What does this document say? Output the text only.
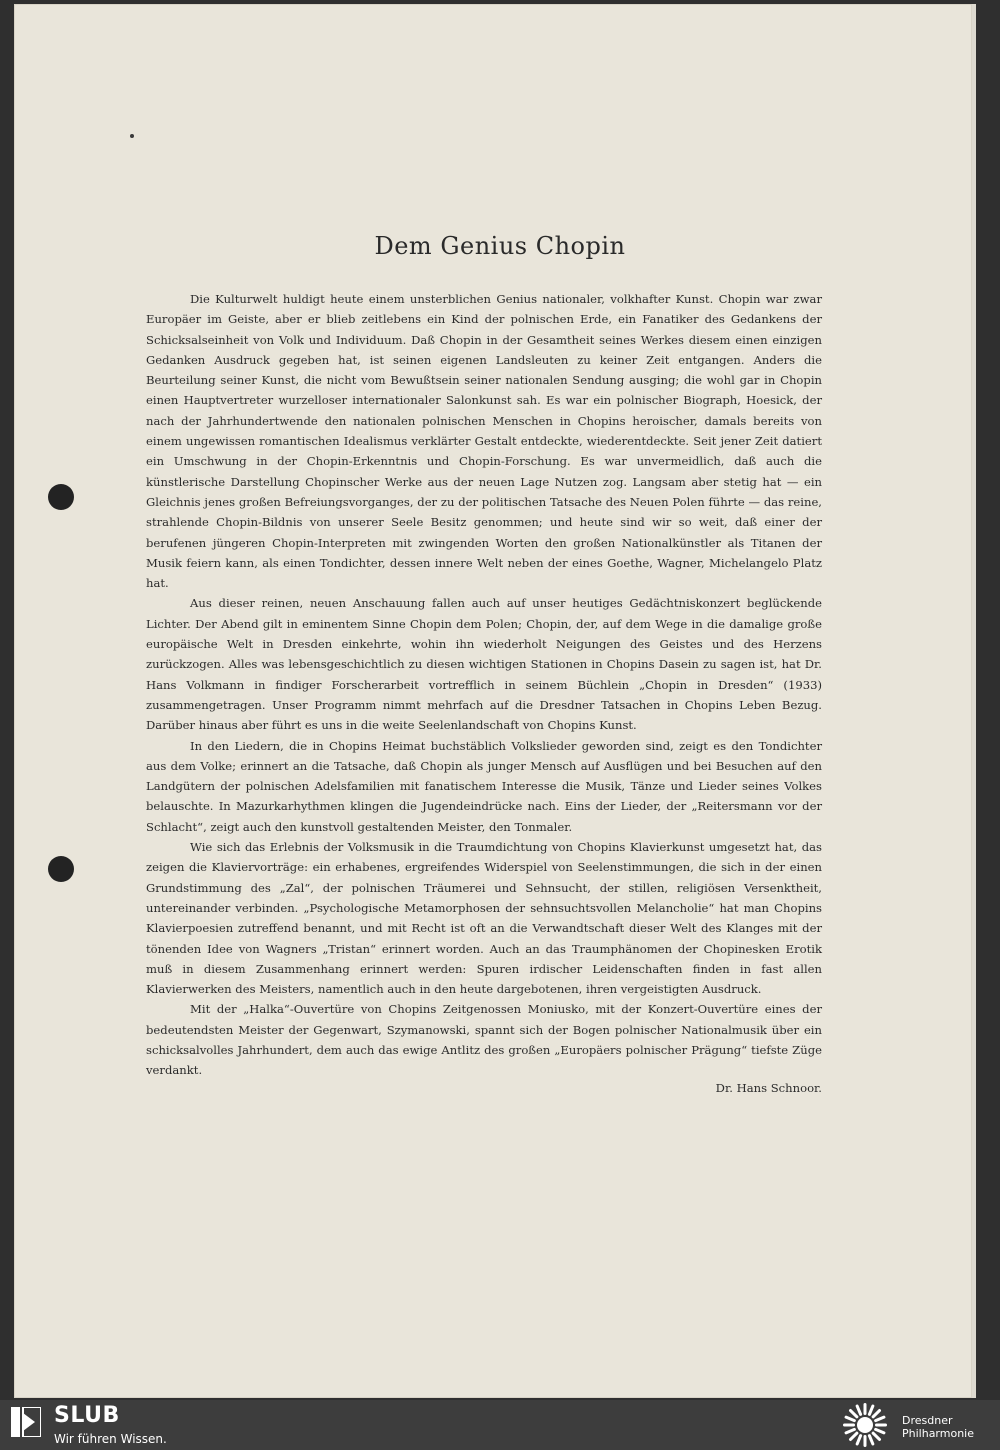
Dem Genius Chopin

Die Kulturwelt huldigt heute einem unsterblichen Genius nationaler, volkhafter Kunst. Chopin war zwar Europäer im Geiste, aber er blieb zeitlebens ein Kind der polnischen Erde, ein Fanatiker des Gedankens der Schicksalseinheit von Volk und Individuum. Daß Chopin in der Gesamtheit seines Werkes diesem einen einzigen Gedanken Ausdruck gegeben hat, ist seinen eigenen Landsleuten zu keiner Zeit entgangen. Anders die Beurteilung seiner Kunst, die nicht vom Bewußtsein seiner nationalen Sendung ausging; die wohl gar in Chopin einen Hauptvertreter wurzelloser internationaler Salonkunst sah. Es war ein polnischer Biograph, Hoesick, der nach der Jahrhundertwende den nationalen polnischen Menschen in Chopins heroischer, damals bereits von einem ungewissen romantischen Idealismus verklärter Gestalt entdeckte, wiederentdeckte. Seit jener Zeit datiert ein Umschwung in der Chopin-Erkenntnis und Chopin-Forschung. Es war unvermeidlich, daß auch die künstlerische Darstellung Chopinscher Werke aus der neuen Lage Nutzen zog. Langsam aber stetig hat — ein Gleichnis jenes großen Befreiungsvorganges, der zu der politischen Tatsache des Neuen Polen führte — das reine, strahlende Chopin-Bildnis von unserer Seele Besitz genommen; und heute sind wir so weit, daß einer der berufenen jüngeren Chopin-Interpreten mit zwingenden Worten den großen Nationalkünstler als Titanen der Musik feiern kann, als einen Tondichter, dessen innere Welt neben der eines Goethe, Wagner, Michelangelo Platz hat.

Aus dieser reinen, neuen Anschauung fallen auch auf unser heutiges Gedächtniskonzert beglückende Lichter. Der Abend gilt in eminentem Sinne Chopin dem Polen; Chopin, der, auf dem Wege in die damalige große europäische Welt in Dresden einkehrte, wohin ihn wiederholt Neigungen des Geistes und des Herzens zurückzogen. Alles was lebensgeschichtlich zu diesen wichtigen Stationen in Chopins Dasein zu sagen ist, hat Dr. Hans Volkmann in findiger Forscherarbeit vortrefflich in seinem Büchlein „Chopin in Dresden“ (1933) zusammengetragen. Unser Programm nimmt mehrfach auf die Dresdner Tatsachen in Chopins Leben Bezug. Darüber hinaus aber führt es uns in die weite Seelenlandschaft von Chopins Kunst.

In den Liedern, die in Chopins Heimat buchstäblich Volkslieder geworden sind, zeigt es den Tondichter aus dem Volke; erinnert an die Tatsache, daß Chopin als junger Mensch auf Ausflügen und bei Besuchen auf den Landgütern der polnischen Adelsfamilien mit fanatischem Interesse die Musik, Tänze und Lieder seines Volkes belauschte. In Mazurkarhythmen klingen die Jugendeindrücke nach. Eins der Lieder, der „Reitersmann vor der Schlacht“, zeigt auch den kunstvoll gestaltenden Meister, den Tonmaler.

Wie sich das Erlebnis der Volksmusik in die Traumdichtung von Chopins Klavierkunst umgesetzt hat, das zeigen die Klaviervorträge: ein erhabenes, ergreifendes Widerspiel von Seelenstimmungen, die sich in der einen Grundstimmung des „Zal“, der polnischen Träumerei und Sehnsucht, der stillen, religiösen Versenktheit, untereinander verbinden. „Psychologische Metamorphosen der sehnsuchtsvollen Melancholie“ hat man Chopins Klavierpoesien zutreffend benannt, und mit Recht ist oft an die Verwandtschaft dieser Welt des Klanges mit der tönenden Idee von Wagners „Tristan“ erinnert worden. Auch an das Traumphänomen der Chopinesken Erotik muß in diesem Zusammenhang erinnert werden: Spuren irdischer Leidenschaften finden in fast allen Klavierwerken des Meisters, namentlich auch in den heute dargebotenen, ihren vergeistigten Ausdruck.

Mit der „Halka“-Ouvertüre von Chopins Zeitgenossen Moniusko, mit der Konzert-Ouvertüre eines der bedeutendsten Meister der Gegenwart, Szymanowski, spannt sich der Bogen polnischer Nationalmusik über ein schicksalvolles Jahrhundert, dem auch das ewige Antlitz des großen „Europäers polnischer Prägung“ tiefste Züge verdankt.

Dr. Hans Schnoor.
SLUB
Wir führen Wissen.
Dresdner
Philharmonie
